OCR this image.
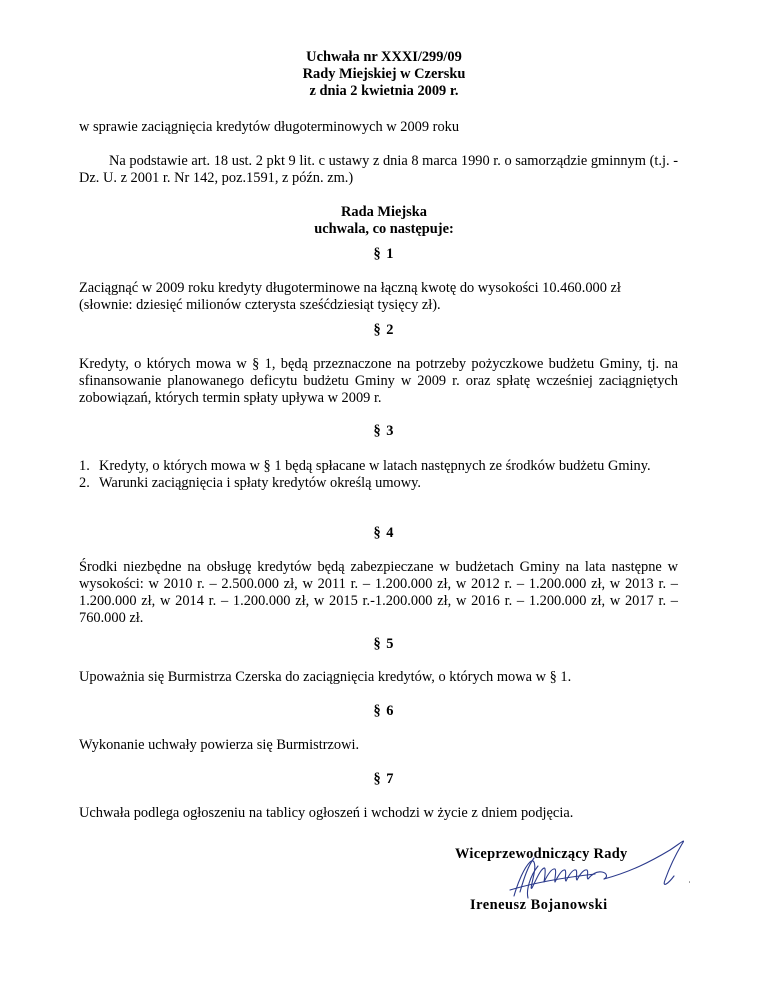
Uchwała nr XXXI/299/09
Rady Miejskiej w Czersku
z dnia 2 kwietnia 2009 r.

w sprawie zaciągnięcia kredytów długoterminowych w 2009 roku

Na podstawie art. 18 ust. 2 pkt 9 lit. c ustawy z dnia 8 marca 1990 r. o samorządzie gminnym (t.j. - Dz. U. z 2001 r. Nr 142, poz.1591, z późn. zm.)

Rada Miejska
uchwala, co następuje:
§ 1

Zaciągnąć w 2009 roku kredyty długoterminowe na łączną kwotę do wysokości 10.460.000 zł (słownie: dziesięć milionów czterysta sześćdziesiąt tysięcy zł).

§ 2

Kredyty, o których mowa w § 1, będą przeznaczone na potrzeby pożyczkowe budżetu Gminy, tj. na sfinansowanie planowanego deficytu budżetu Gminy w 2009 r. oraz spłatę wcześniej zaciągniętych zobowiązań, których termin spłaty upływa w 2009 r.

§ 3
1. Kredyty, o których mowa w § 1 będą spłacane w latach następnych ze środków budżetu Gminy.
2. Warunki zaciągnięcia i spłaty kredytów określą umowy.
§ 4

Środki niezbędne na obsługę kredytów będą zabezpieczane w budżetach Gminy na lata następne w wysokości: w 2010 r. – 2.500.000 zł, w 2011 r. – 1.200.000 zł, w 2012 r. – 1.200.000 zł, w 2013 r. – 1.200.000 zł, w 2014 r. – 1.200.000 zł, w 2015 r.-1.200.000 zł, w 2016 r. – 1.200.000 zł, w 2017 r. – 760.000 zł.

§ 5

Upoważnia się Burmistrza Czerska do zaciągnięcia kredytów, o których mowa w § 1.

§ 6

Wykonanie uchwały powierza się Burmistrzowi.

§ 7

Uchwała podlega ogłoszeniu na tablicy ogłoszeń i wchodzi w życie z dniem podjęcia.

Wiceprzewodniczący Rady
Ireneusz Bojanowski
